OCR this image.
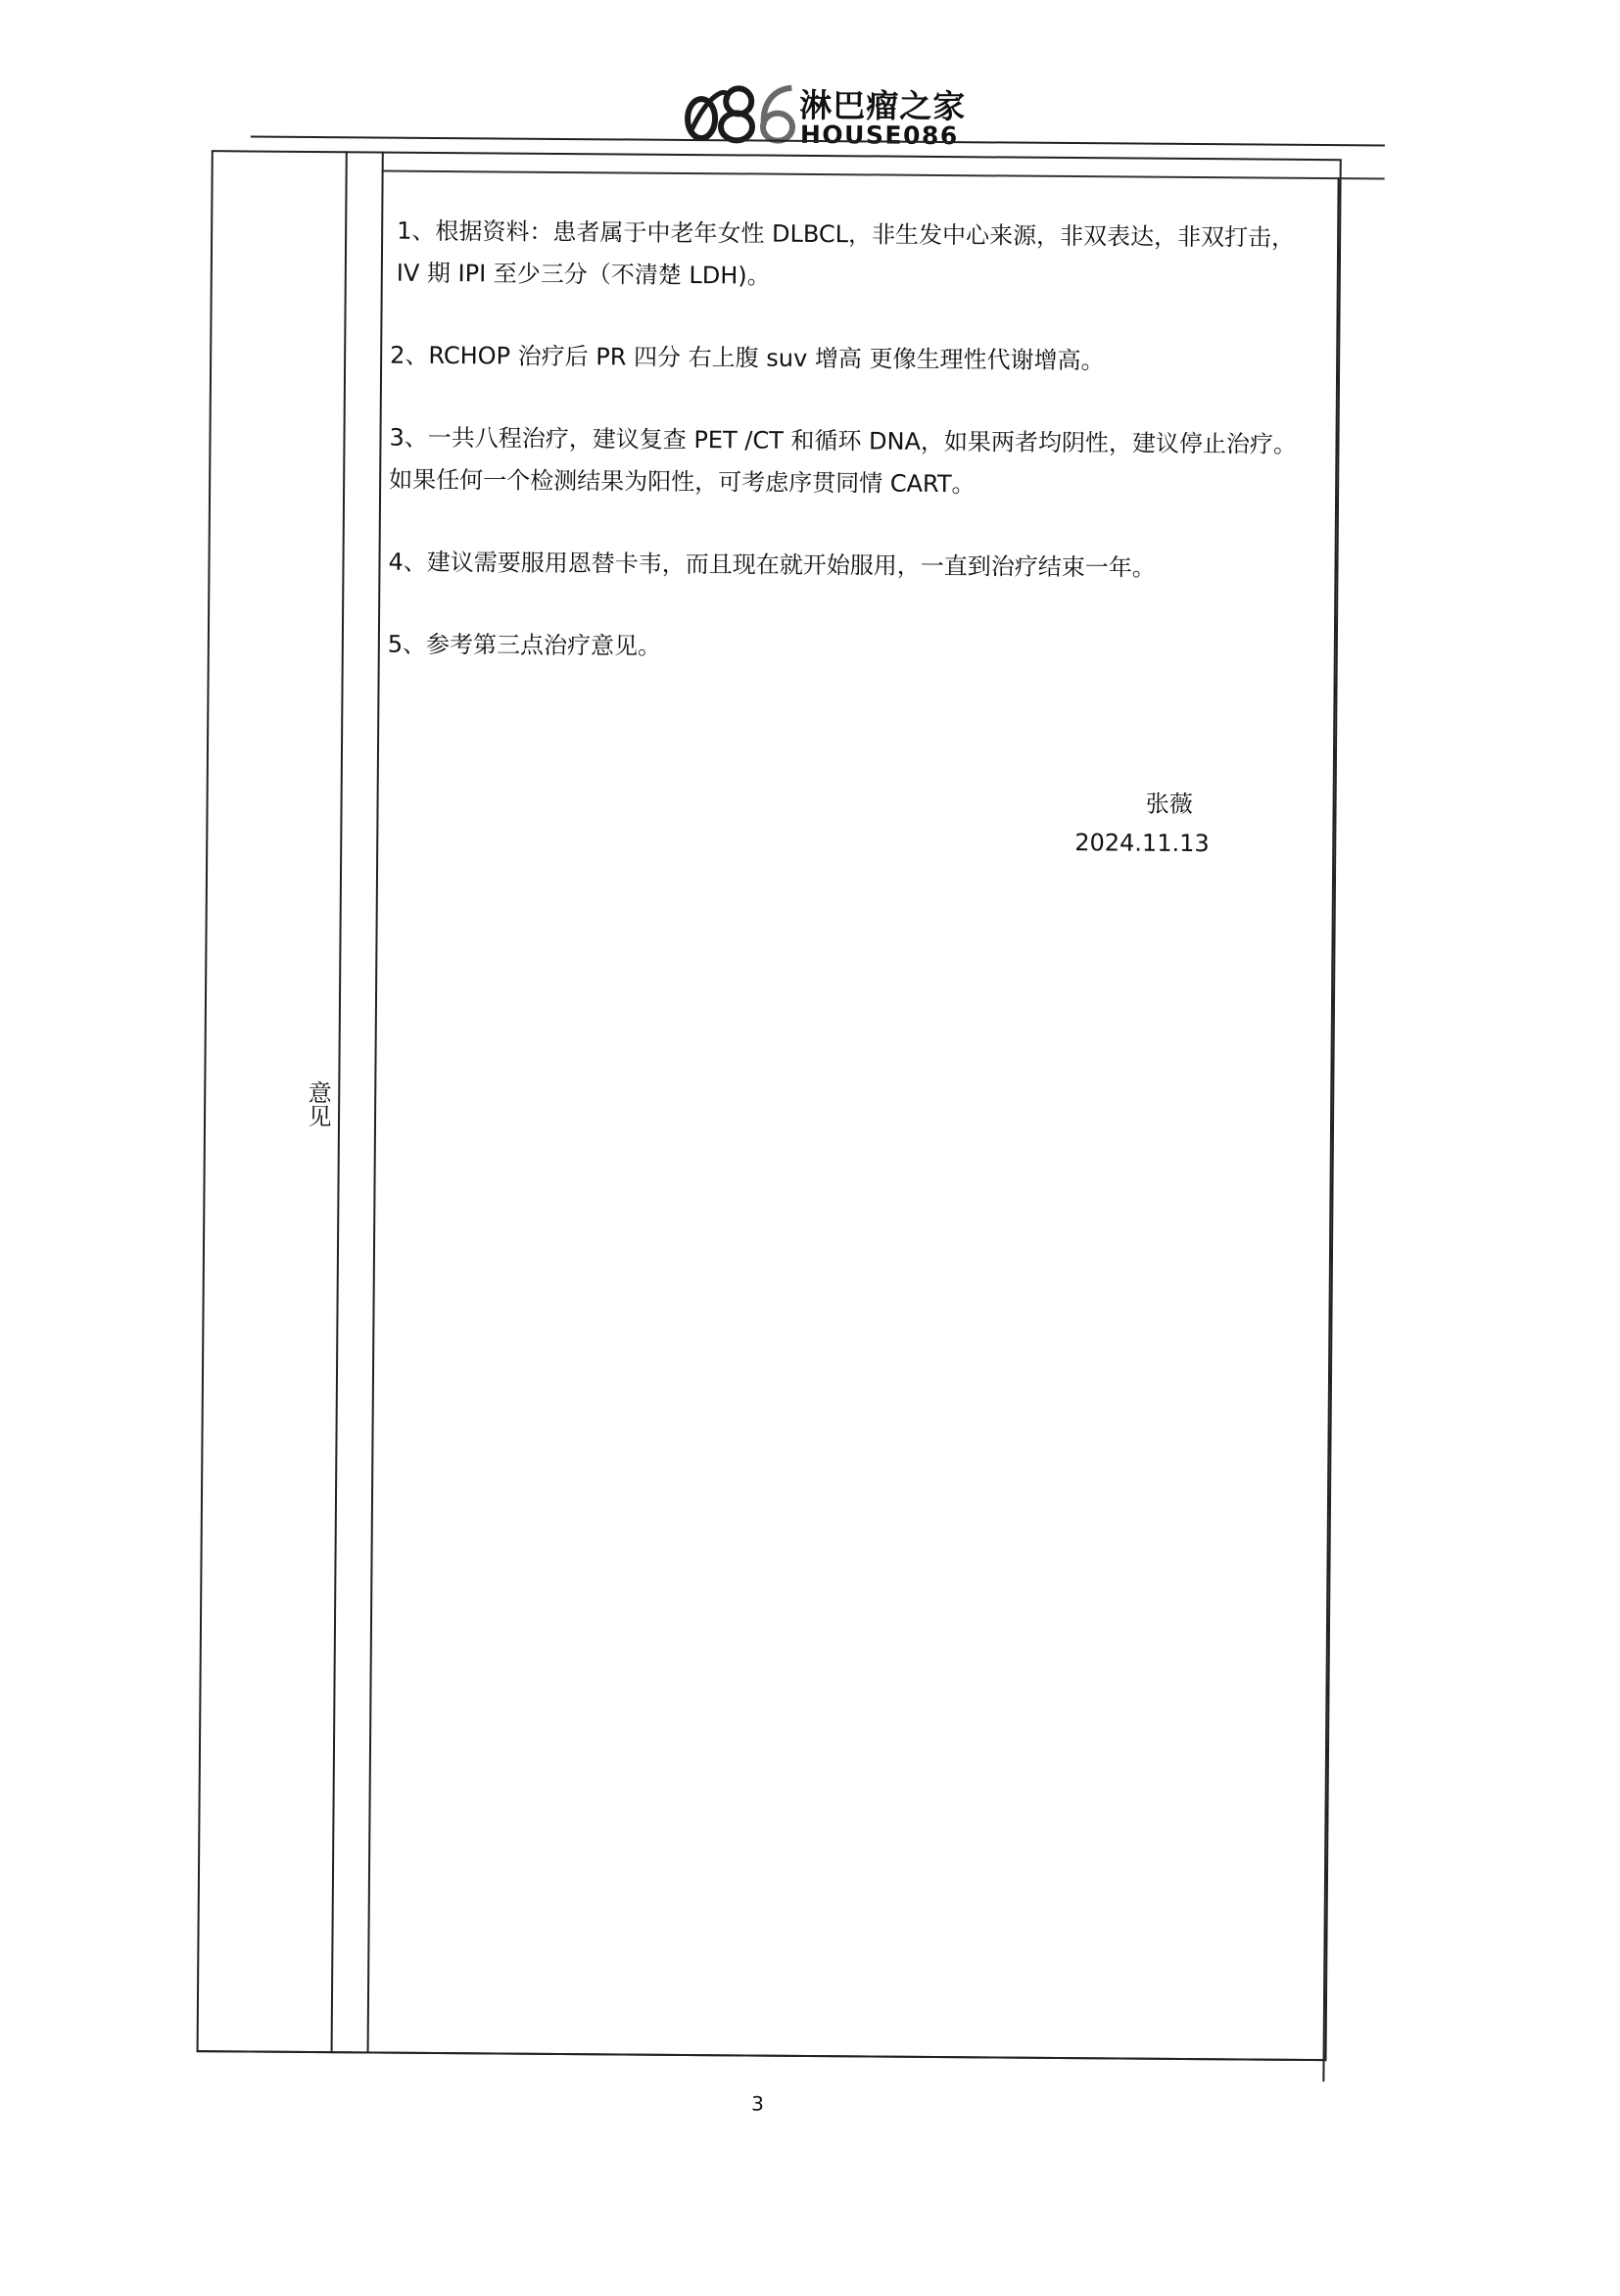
淋巴瘤之家
HOUSE086
意见
1、根据资料：患者属于中老年女性 DLBCL，非生发中心来源，非双表达，非双打击，
IV 期 IPI 至少三分（不清楚 LDH)。
2、RCHOP 治疗后 PR 四分 右上腹 suv 增高 更像生理性代谢增高。
3、一共八程治疗，建议复查 PET /CT 和循环 DNA，如果两者均阴性，建议停止治疗。
如果任何一个检测结果为阳性，可考虑序贯同情 CART。
4、建议需要服用恩替卡韦，而且现在就开始服用，一直到治疗结束一年。
5、参考第三点治疗意见。
张薇
2024.11.13
3
